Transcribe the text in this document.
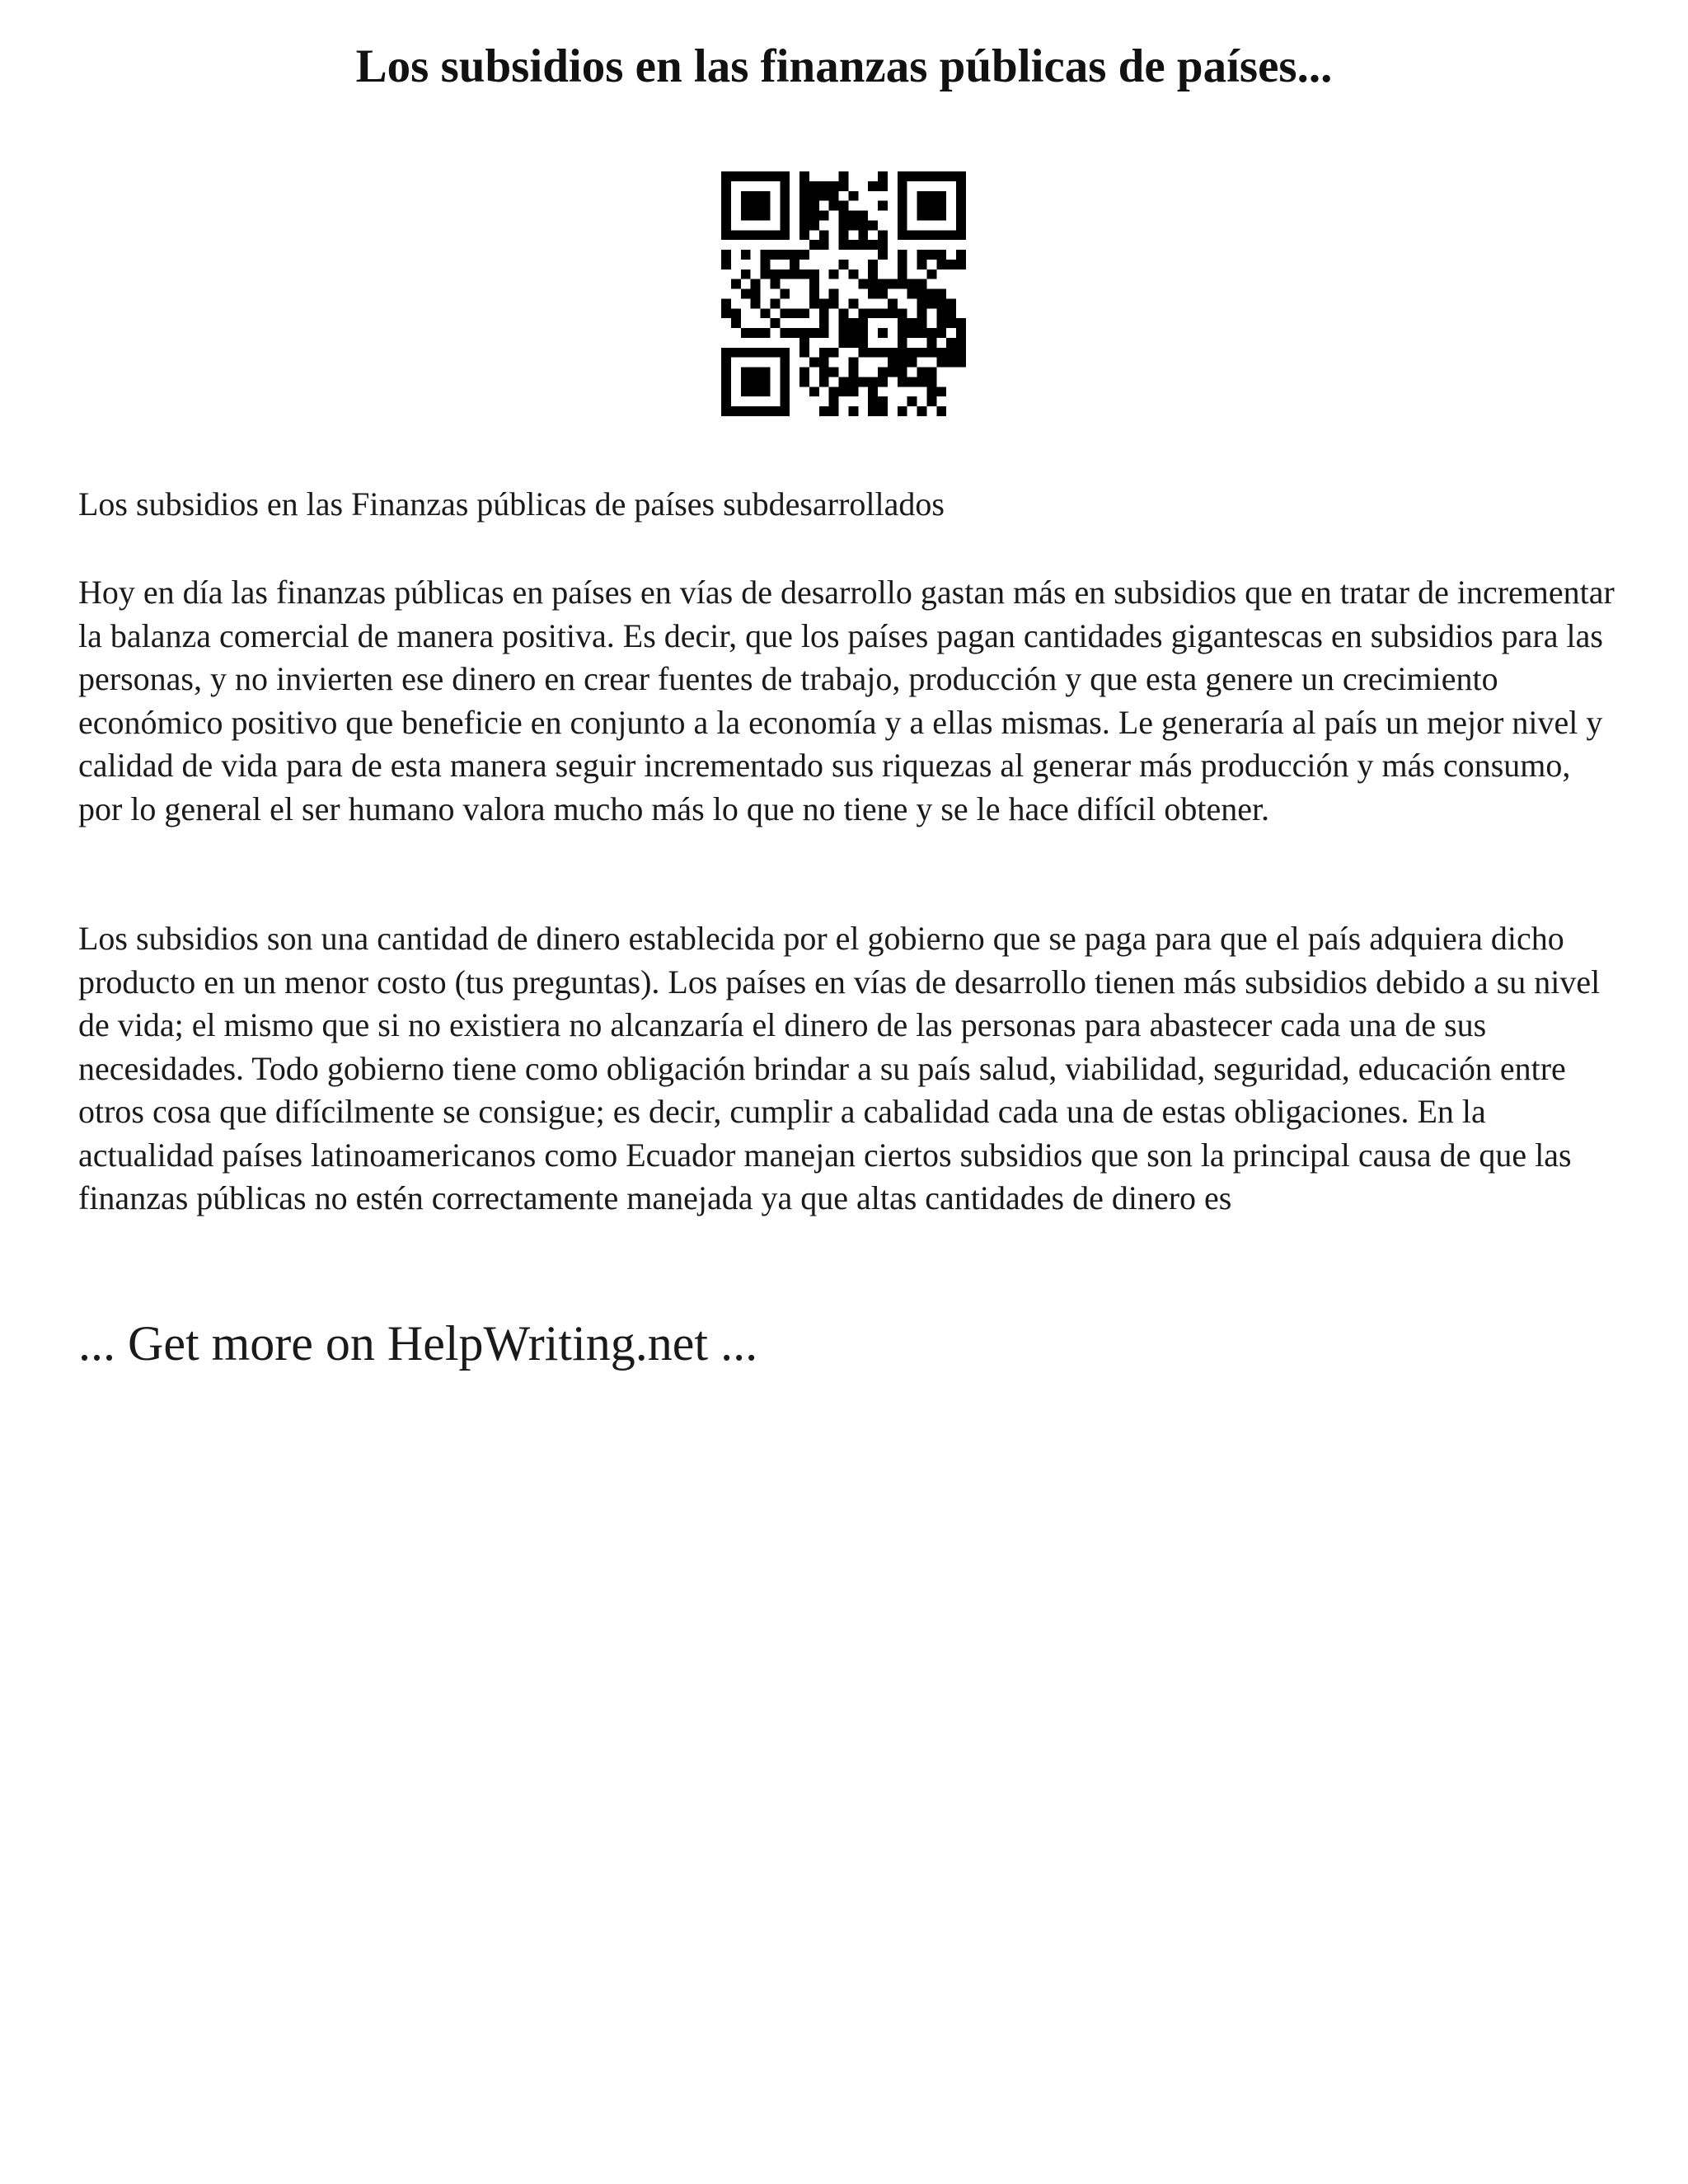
Los subsidios en las finanzas públicas de países...

Los subsidios en las Finanzas públicas de países subdesarrollados

Hoy en día las finanzas públicas en países en vías de desarrollo gastan más en subsidios que en tratar de incrementar la balanza comercial de manera positiva. Es decir, que los países pagan cantidades gigantescas en subsidios para las personas, y no invierten ese dinero en crear fuentes de trabajo, producción y que esta genere un crecimiento económico positivo que beneficie en conjunto a la economía y a ellas mismas. Le generaría al país un mejor nivel y calidad de vida para de esta manera seguir incrementado sus riquezas al generar más producción y más consumo, por lo general el ser humano valora mucho más lo que no tiene y se le hace difícil obtener.

Los subsidios son una cantidad de dinero establecida por el gobierno que se paga para que el país adquiera dicho producto en un menor costo (tus preguntas). Los países en vías de desarrollo tienen más subsidios debido a su nivel de vida; el mismo que si no existiera no alcanzaría el dinero de las personas para abastecer cada una de sus necesidades. Todo gobierno tiene como obligación brindar a su país salud, viabilidad, seguridad, educación entre otros cosa que difícilmente se consigue; es decir, cumplir a cabalidad cada una de estas obligaciones. En la actualidad países latinoamericanos como Ecuador manejan ciertos subsidios que son la principal causa de que las finanzas públicas no estén correctamente manejada ya que altas cantidades de dinero es

... Get more on HelpWriting.net ...
